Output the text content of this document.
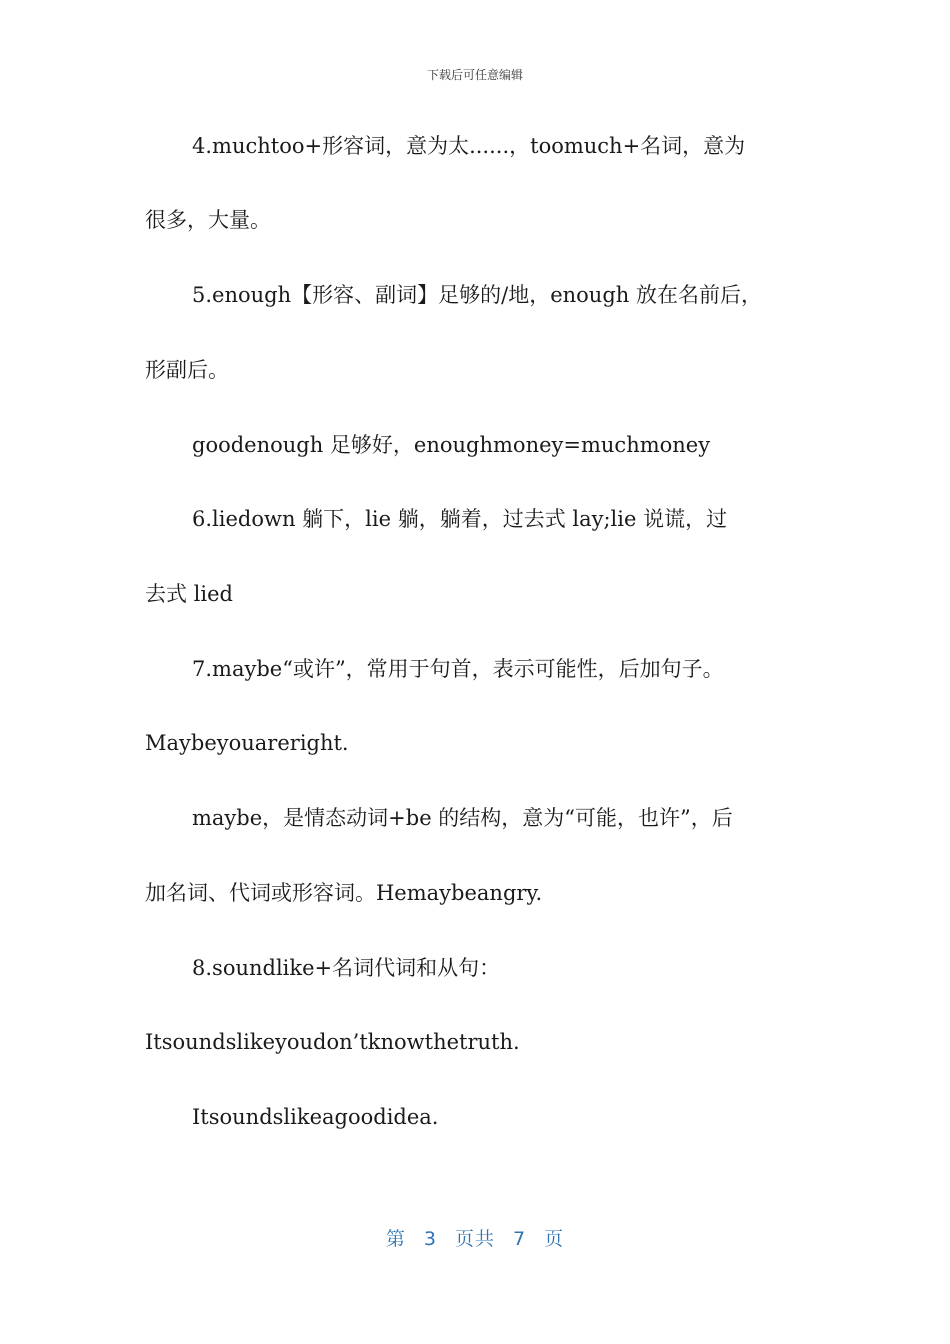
下载后可任意编辑
4.muchtoo+形容词，意为太......，toomuch+名词，意为
很多，大量。
5.enough【形容、副词】足够的/地，enough 放在名前后，
形副后。
goodenough 足够好，enoughmoney=muchmoney
6.liedown 躺下，lie 躺，躺着，过去式 lay;lie 说谎，过
去式 lied
7.maybe“或许”，常用于句首，表示可能性，后加句子。
Maybeyouareright.
maybe，是情态动词+be 的结构，意为“可能，也许”，后
加名词、代词或形容词。Hemaybeangry.
8.soundlike+名词代词和从句：
Itsoundslikeyoudon’tknowthetruth.
Itsoundslikeagoodidea.
第 3 页共 7 页
